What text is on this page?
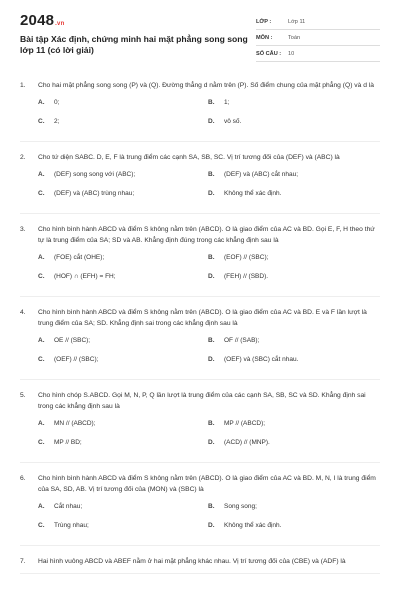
2048.vn
Bài tập Xác định, chứng minh hai mặt phẳng song song lớp 11 (có lời giải)
LỚP :	Lớp 11
MÔN :	Toán
SỐ CÂU :	10
1.	Cho hai mặt phẳng song song (P) và (Q). Đường thẳng d nằm trên (P). Số điểm chung của mặt phẳng (Q) và d là
A.	0;	B.	1;
C.	2;	D.	vô số.
2.	Cho tứ diện SABC. D, E, F là trung điểm các cạnh SA, SB, SC. Vị trí tương đối của (DEF) và (ABC) là
A.	(DEF) song song với (ABC);	B.	(DEF) và (ABC) cắt nhau;
C.	(DEF) và (ABC) trùng nhau;	D.	Không thể xác định.
3.	Cho hình bình hành ABCD và điểm S không nằm trên (ABCD). O là giao điểm của AC và BD. Gọi E, F, H theo thứ tự là trung điểm của SA; SD và AB. Khẳng định đúng trong các khẳng định sau là
A.	(FOE) cắt (OHE);	B.	(EOF) // (SBC);
C.	(HOF) ∩ (EFH) = FH;	D.	(FEH) // (SBD).
4.	Cho hình bình hành ABCD và điểm S không nằm trên (ABCD). O là giao điểm của AC và BD. E và F lần lượt là trung điểm của SA; SD. Khẳng định sai trong các khẳng định sau là
A.	OE // (SBC);	B.	OF // (SAB);
C.	(OEF) // (SBC);	D.	(OEF) và (SBC) cắt nhau.
5.	Cho hình chóp S.ABCD. Gọi M, N, P, Q lần lượt là trung điểm của các cạnh SA, SB, SC và SD. Khẳng định sai trong các khẳng định sau là
A.	MN // (ABCD);	B.	MP // (ABCD);
C.	MP // BD;	D.	(ACD) // (MNP).
6.	Cho hình bình hành ABCD và điểm S không nằm trên (ABCD). O là giao điểm của AC và BD. M, N, I là trung điểm của SA, SD, AB. Vị trí tương đối của (MON) và (SBC) là
A.	Cắt nhau;	B.	Song song;
C.	Trùng nhau;	D.	Không thể xác định.
7.	Hai hình vuông ABCD và ABEF nằm ở hai mặt phẳng khác nhau. Vị trí tương đối của (CBE) và (ADF) là
